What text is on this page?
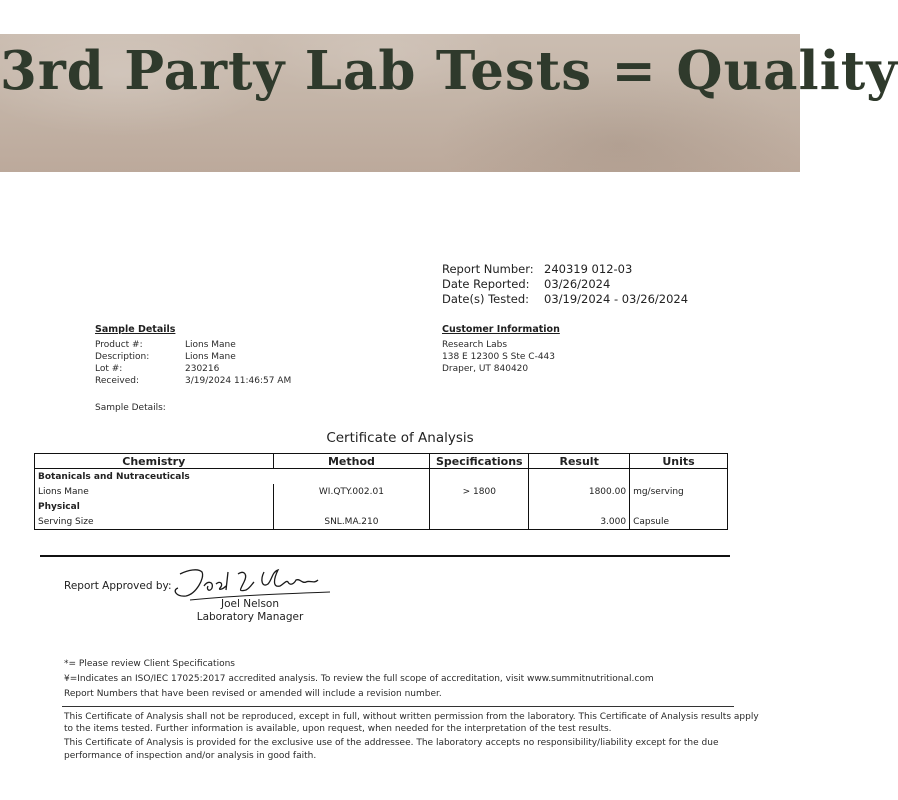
3rd Party Lab Tests = Quality
Report Number: 240319 012-03
Date Reported: 03/26/2024
Date(s) Tested: 03/19/2024 - 03/26/2024
Sample Details
Product #:	Lions Mane
Description:	Lions Mane
Lot #:	230216
Received:	3/19/2024 11:46:57 AM
Sample Details:
Customer Information
Research Labs
138 E 12300 S Ste C-443
Draper, UT 840420
Certificate of Analysis
Chemistry	Method	Specifications	Result	Units
Botanicals and Nutraceuticals				
Lions Mane	WI.QTY.002.01	> 1800	1800.00	mg/serving
Physical				
Serving Size	SNL.MA.210		3.000	Capsule
Report Approved by:
Joel Nelson
Laboratory Manager
*= Please review Client Specifications
¥=Indicates an ISO/IEC 17025:2017 accredited analysis. To review the full scope of accreditation, visit www.summitnutritional.com
Report Numbers that have been revised or amended will include a revision number.
This Certificate of Analysis shall not be reproduced, except in full, without written permission from the laboratory. This Certificate of Analysis results apply
to the items tested. Further information is available, upon request, when needed for the interpretation of the test results.
This Certificate of Analysis is provided for the exclusive use of the addressee. The laboratory accepts no responsibility/liability except for the due
performance of inspection and/or analysis in good faith.
